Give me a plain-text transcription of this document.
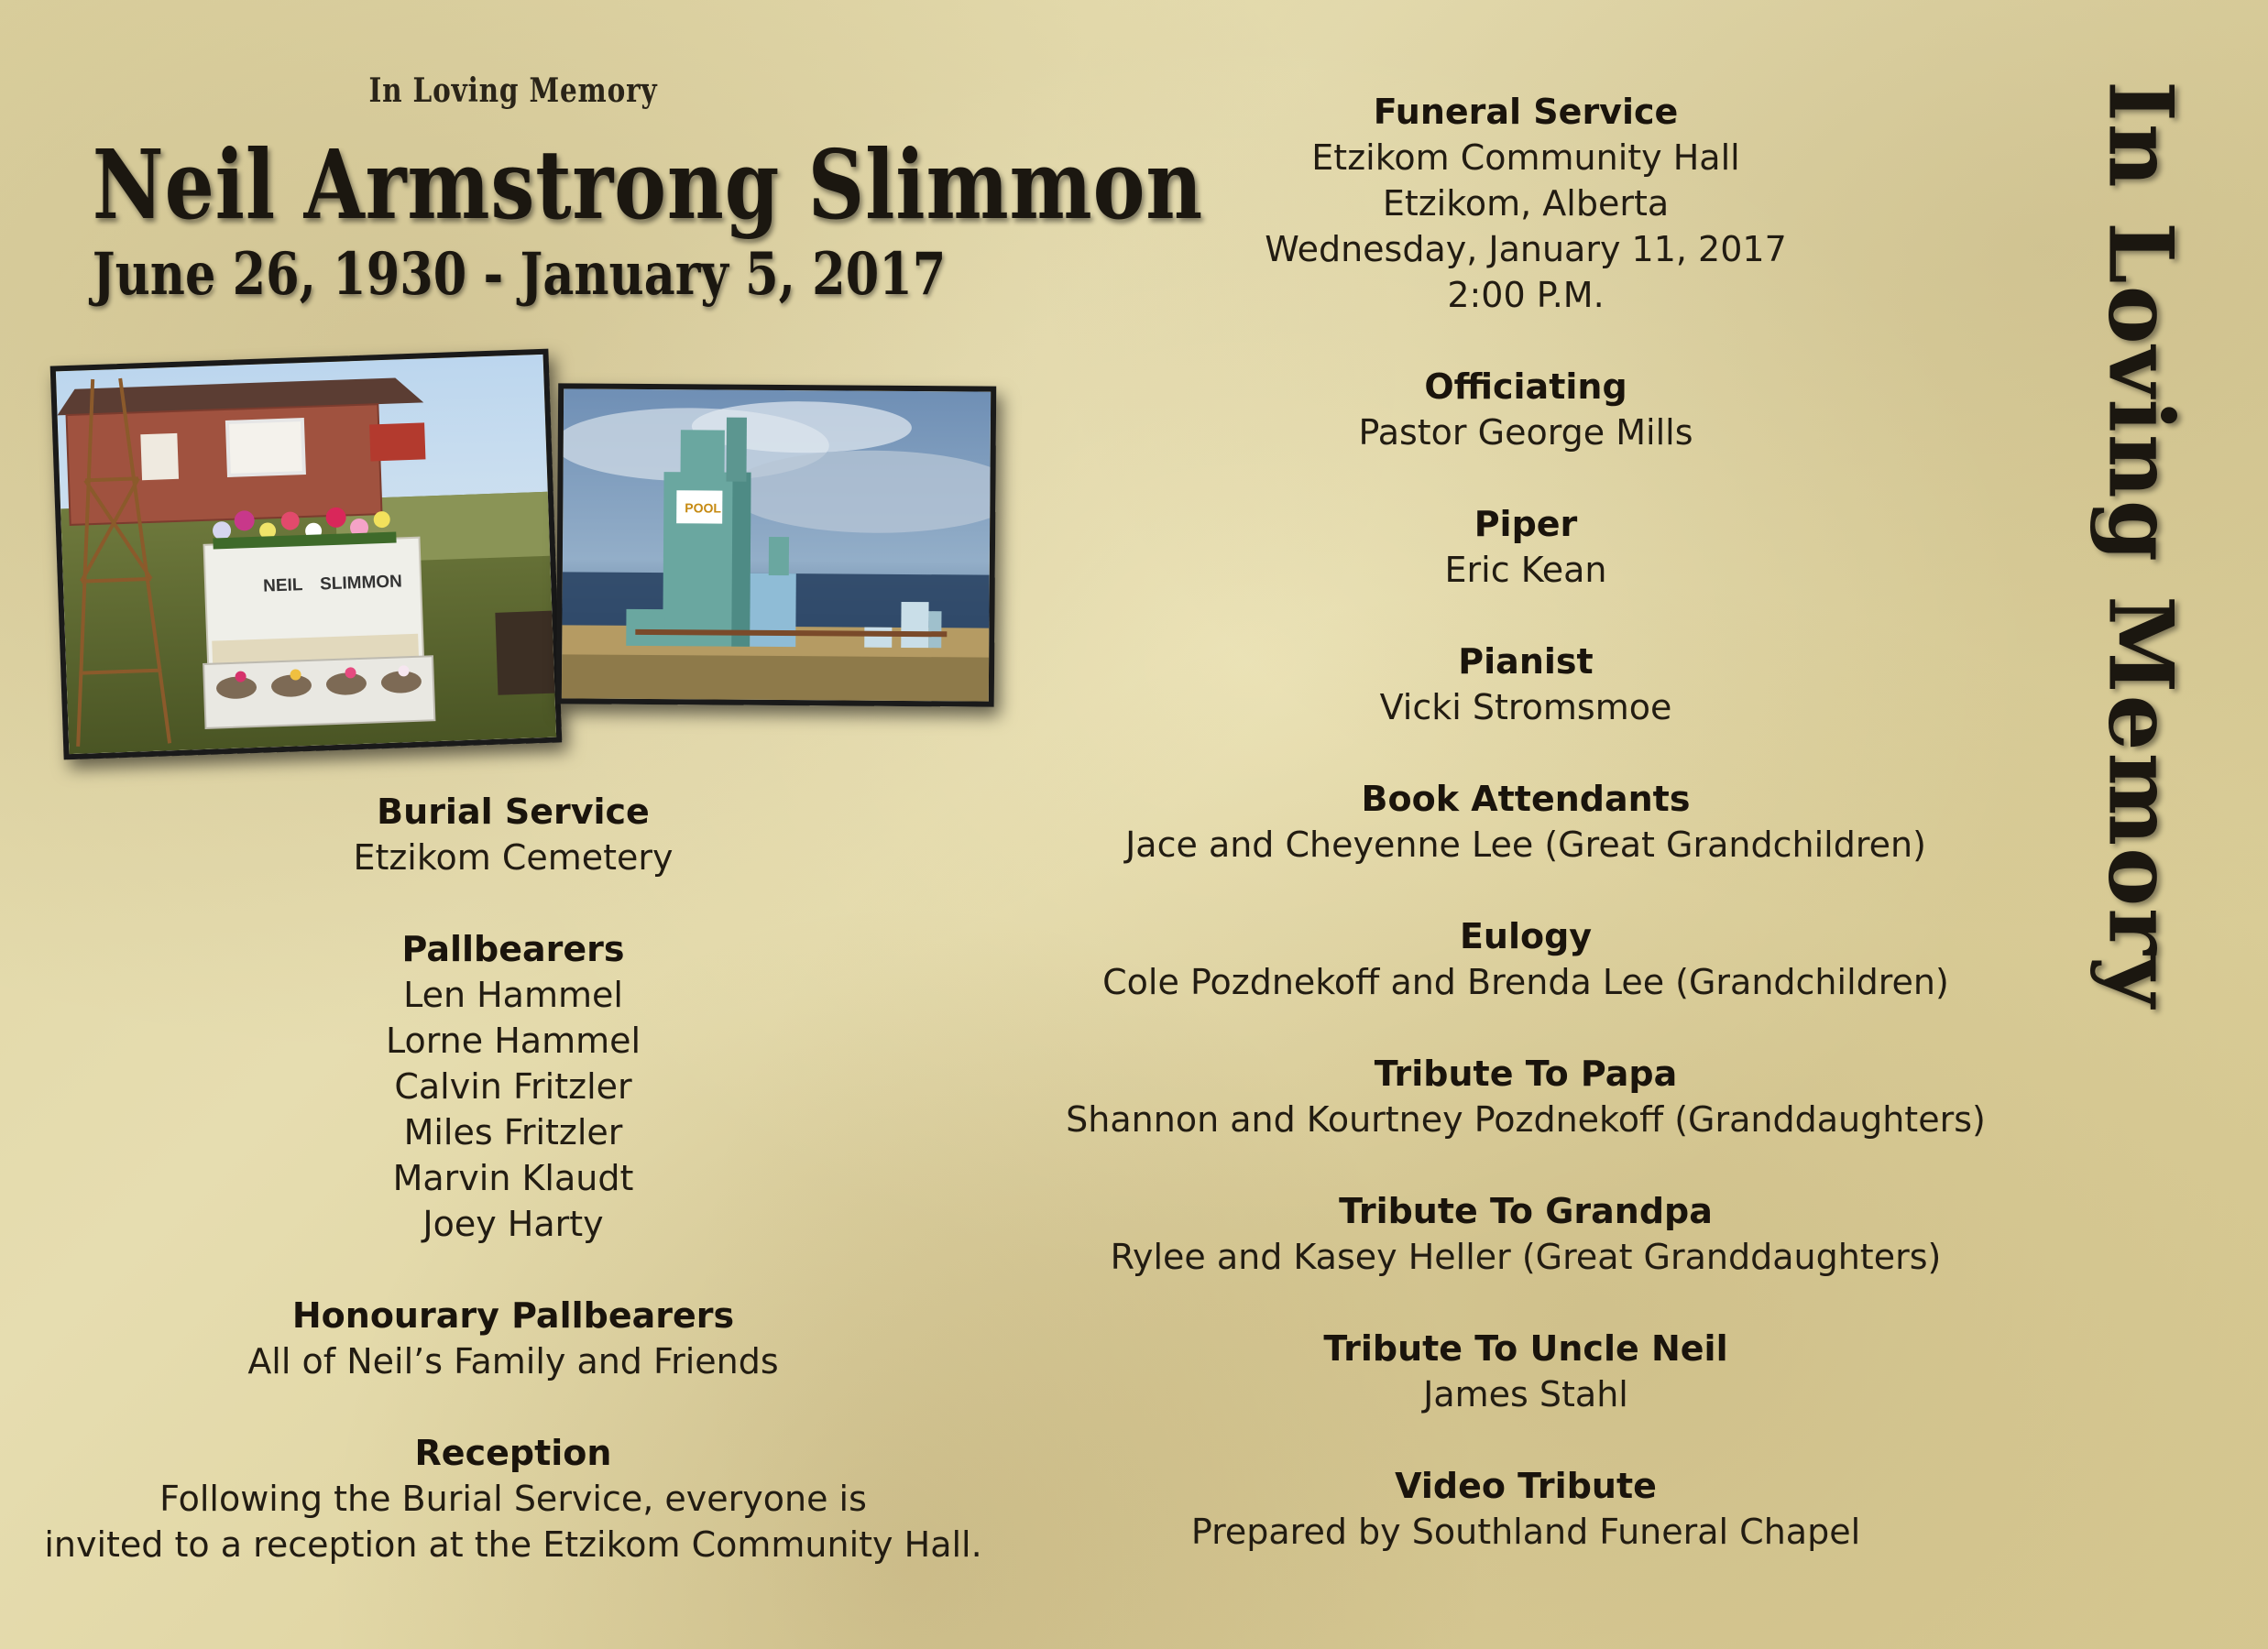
In Loving Memory
Neil Armstrong Slimmon
June 26, 1930 - January 5, 2017
NEIL SLIMMON
POOL
Burial Service
Etzikom Cemetery
Pallbearers
Len Hammel
Lorne Hammel
Calvin Fritzler
Miles Fritzler
Marvin Klaudt
Joey Harty
Honourary Pallbearers
All of Neil’s Family and Friends
Reception
Following the Burial Service, everyone is
invited to a reception at the Etzikom Community Hall.
Funeral Service
Etzikom Community Hall
Etzikom, Alberta
Wednesday, January 11, 2017
2:00 P.M.
Officiating
Pastor George Mills
Piper
Eric Kean
Pianist
Vicki Stromsmoe
Book Attendants
Jace and Cheyenne Lee (Great Grandchildren)
Eulogy
Cole Pozdnekoff and Brenda Lee (Grandchildren)
Tribute To Papa
Shannon and Kourtney Pozdnekoff (Granddaughters)
Tribute To Grandpa
Rylee and Kasey Heller (Great Granddaughters)
Tribute To Uncle Neil
James Stahl
Video Tribute
Prepared by Southland Funeral Chapel
In Loving Memory
